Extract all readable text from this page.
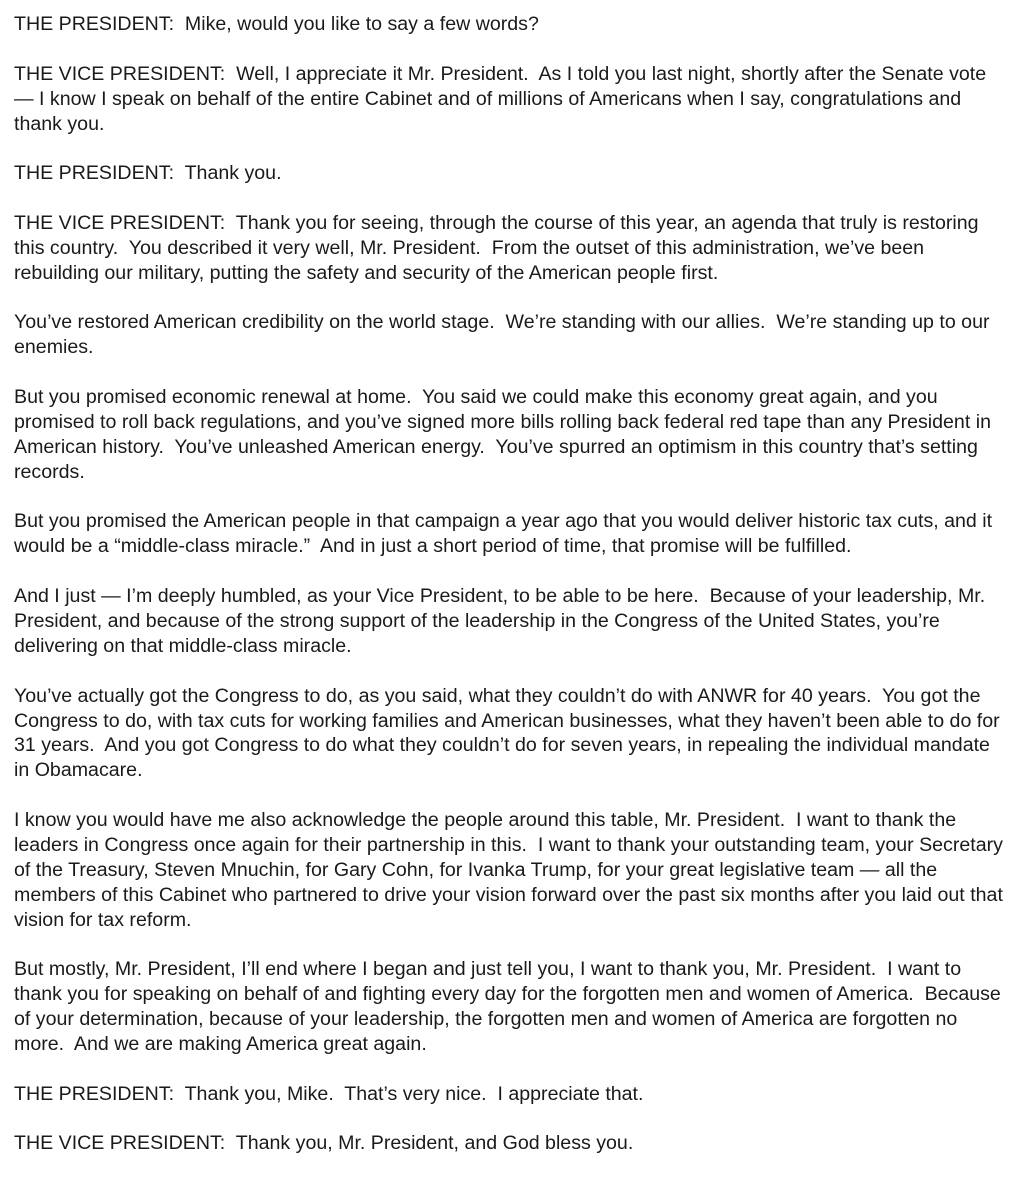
THE PRESIDENT:  Mike, would you like to say a few words?

THE VICE PRESIDENT:  Well, I appreciate it Mr. President.  As I told you last night, shortly after the Senate vote — I know I speak on behalf of the entire Cabinet and of millions of Americans when I say, congratulations and thank you.

THE PRESIDENT:  Thank you.

THE VICE PRESIDENT:  Thank you for seeing, through the course of this year, an agenda that truly is restoring this country.  You described it very well, Mr. President.  From the outset of this administration, we’ve been rebuilding our military, putting the safety and security of the American people first.

You’ve restored American credibility on the world stage.  We’re standing with our allies.  We’re standing up to our enemies.

But you promised economic renewal at home.  You said we could make this economy great again, and you promised to roll back regulations, and you’ve signed more bills rolling back federal red tape than any President in American history.  You’ve unleashed American energy.  You’ve spurred an optimism in this country that’s setting records.

But you promised the American people in that campaign a year ago that you would deliver historic tax cuts, and it would be a “middle-class miracle.”  And in just a short period of time, that promise will be fulfilled.

And I just — I’m deeply humbled, as your Vice President, to be able to be here.  Because of your leadership, Mr. President, and because of the strong support of the leadership in the Congress of the United States, you’re delivering on that middle-class miracle.

You’ve actually got the Congress to do, as you said, what they couldn’t do with ANWR for 40 years.  You got the Congress to do, with tax cuts for working families and American businesses, what they haven’t been able to do for 31 years.  And you got Congress to do what they couldn’t do for seven years, in repealing the individual mandate in Obamacare.

I know you would have me also acknowledge the people around this table, Mr. President.  I want to thank the leaders in Congress once again for their partnership in this.  I want to thank your outstanding team, your Secretary of the Treasury, Steven Mnuchin, for Gary Cohn, for Ivanka Trump, for your great legislative team — all the members of this Cabinet who partnered to drive your vision forward over the past six months after you laid out that vision for tax reform.

But mostly, Mr. President, I’ll end where I began and just tell you, I want to thank you, Mr. President.  I want to thank you for speaking on behalf of and fighting every day for the forgotten men and women of America.  Because of your determination, because of your leadership, the forgotten men and women of America are forgotten no more.  And we are making America great again.

THE PRESIDENT:  Thank you, Mike.  That’s very nice.  I appreciate that.

THE VICE PRESIDENT:  Thank you, Mr. President, and God bless you.
